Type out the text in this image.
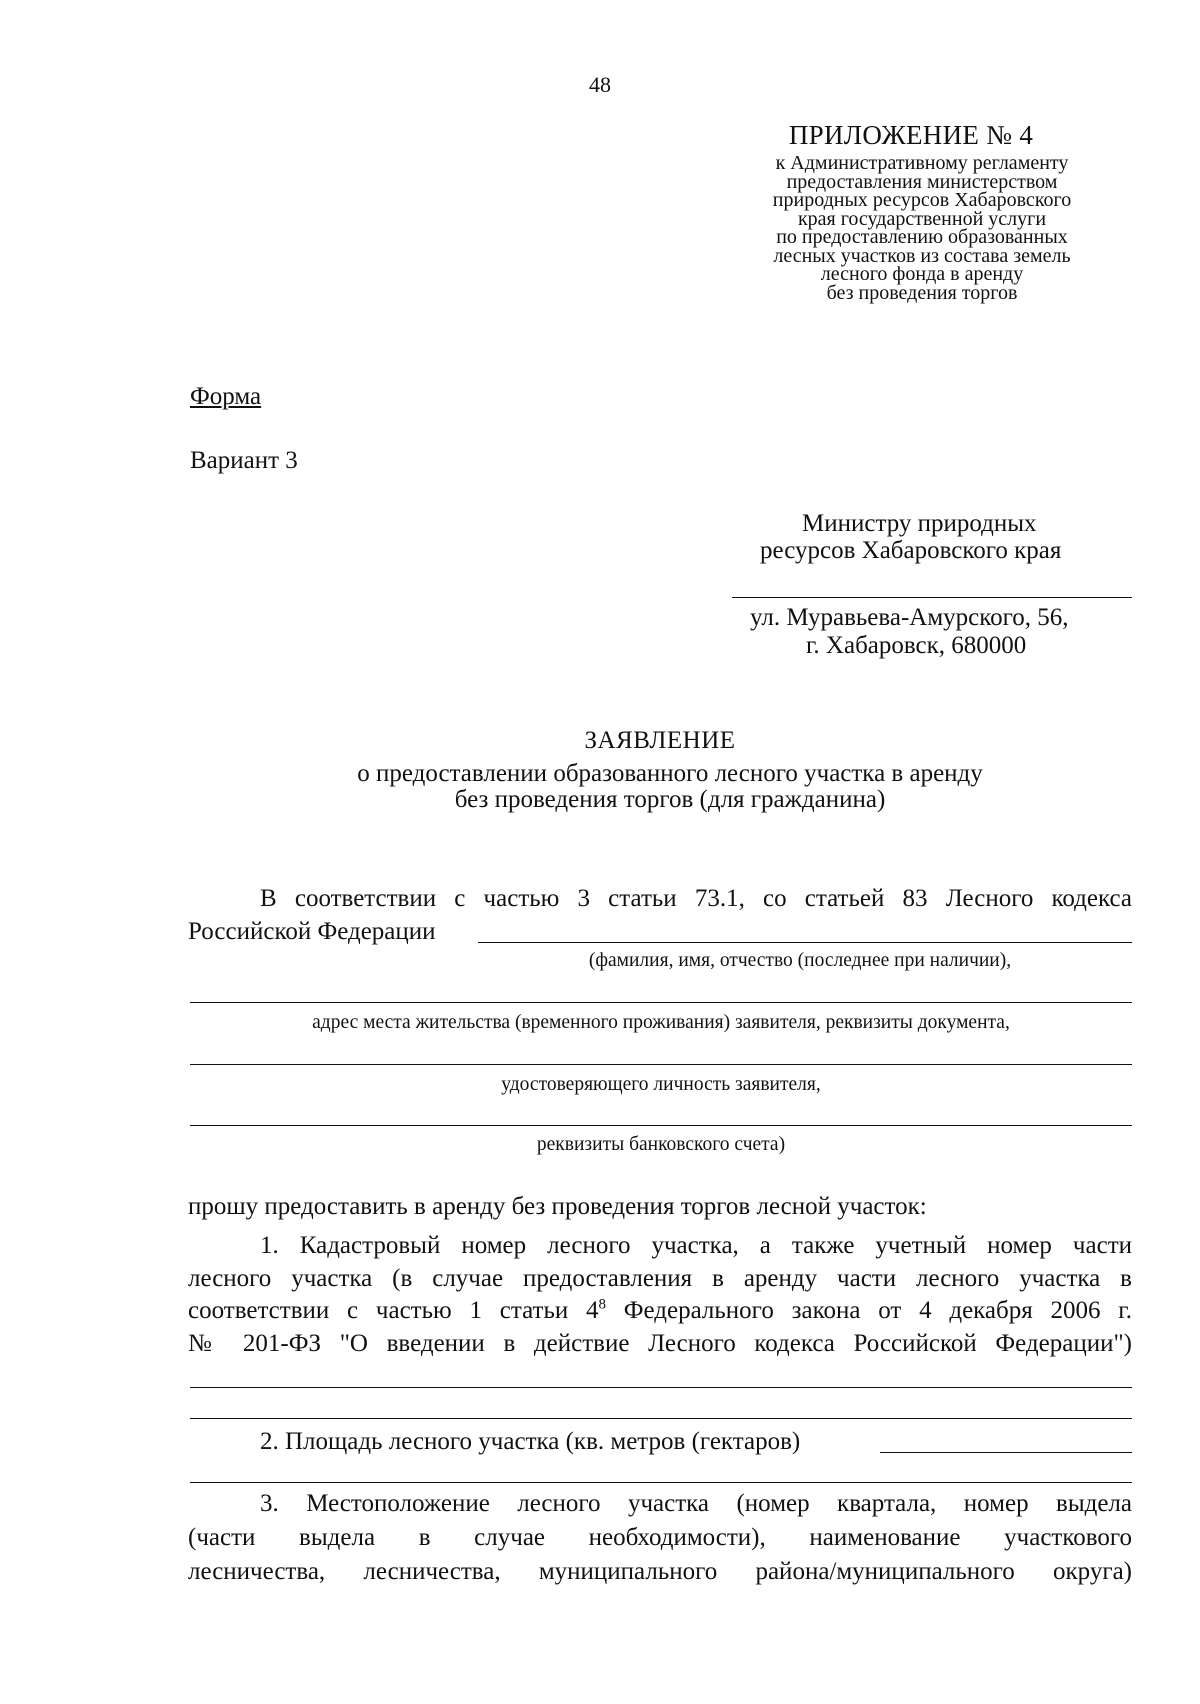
48
ПРИЛОЖЕНИЕ № 4
к Административному регламенту
предоставления министерством
природных ресурсов Хабаровского
края государственной услуги
по предоставлению образованных
лесных участков из состава земель
лесного фонда в аренду
без проведения торгов
Форма
Вариант 3
Министру природных
ресурсов Хабаровского края
ул. Муравьева-Амурского, 56,
г. Хабаровск, 680000
ЗАЯВЛЕНИЕ
о предоставлении образованного лесного участка в аренду
без проведения торгов (для гражданина)
В соответствии с частью 3 статьи 73.1, со статьей 83 Лесного кодекса
Российской Федерации
(фамилия, имя, отчество (последнее при наличии),
адрес места жительства (временного проживания) заявителя, реквизиты документа,
удостоверяющего личность заявителя,
реквизиты банковского счета)
прошу предоставить в аренду без проведения торгов лесной участок:
1. Кадастровый номер лесного участка, а также учетный номер части
лесного участка (в случае предоставления в аренду части лесного участка в
соответствии с частью 1 статьи $4^8$ Федерального закона от 4 декабря 2006 г.
№ 201-ФЗ "О введении в действие Лесного кодекса Российской Федерации")
2. Площадь лесного участка (кв. метров (гектаров)
3. Местоположение лесного участка (номер квартала, номер выдела
(части выдела в случае необходимости), наименование участкового
лесничества, лесничества, муниципального района/муниципального округа)
